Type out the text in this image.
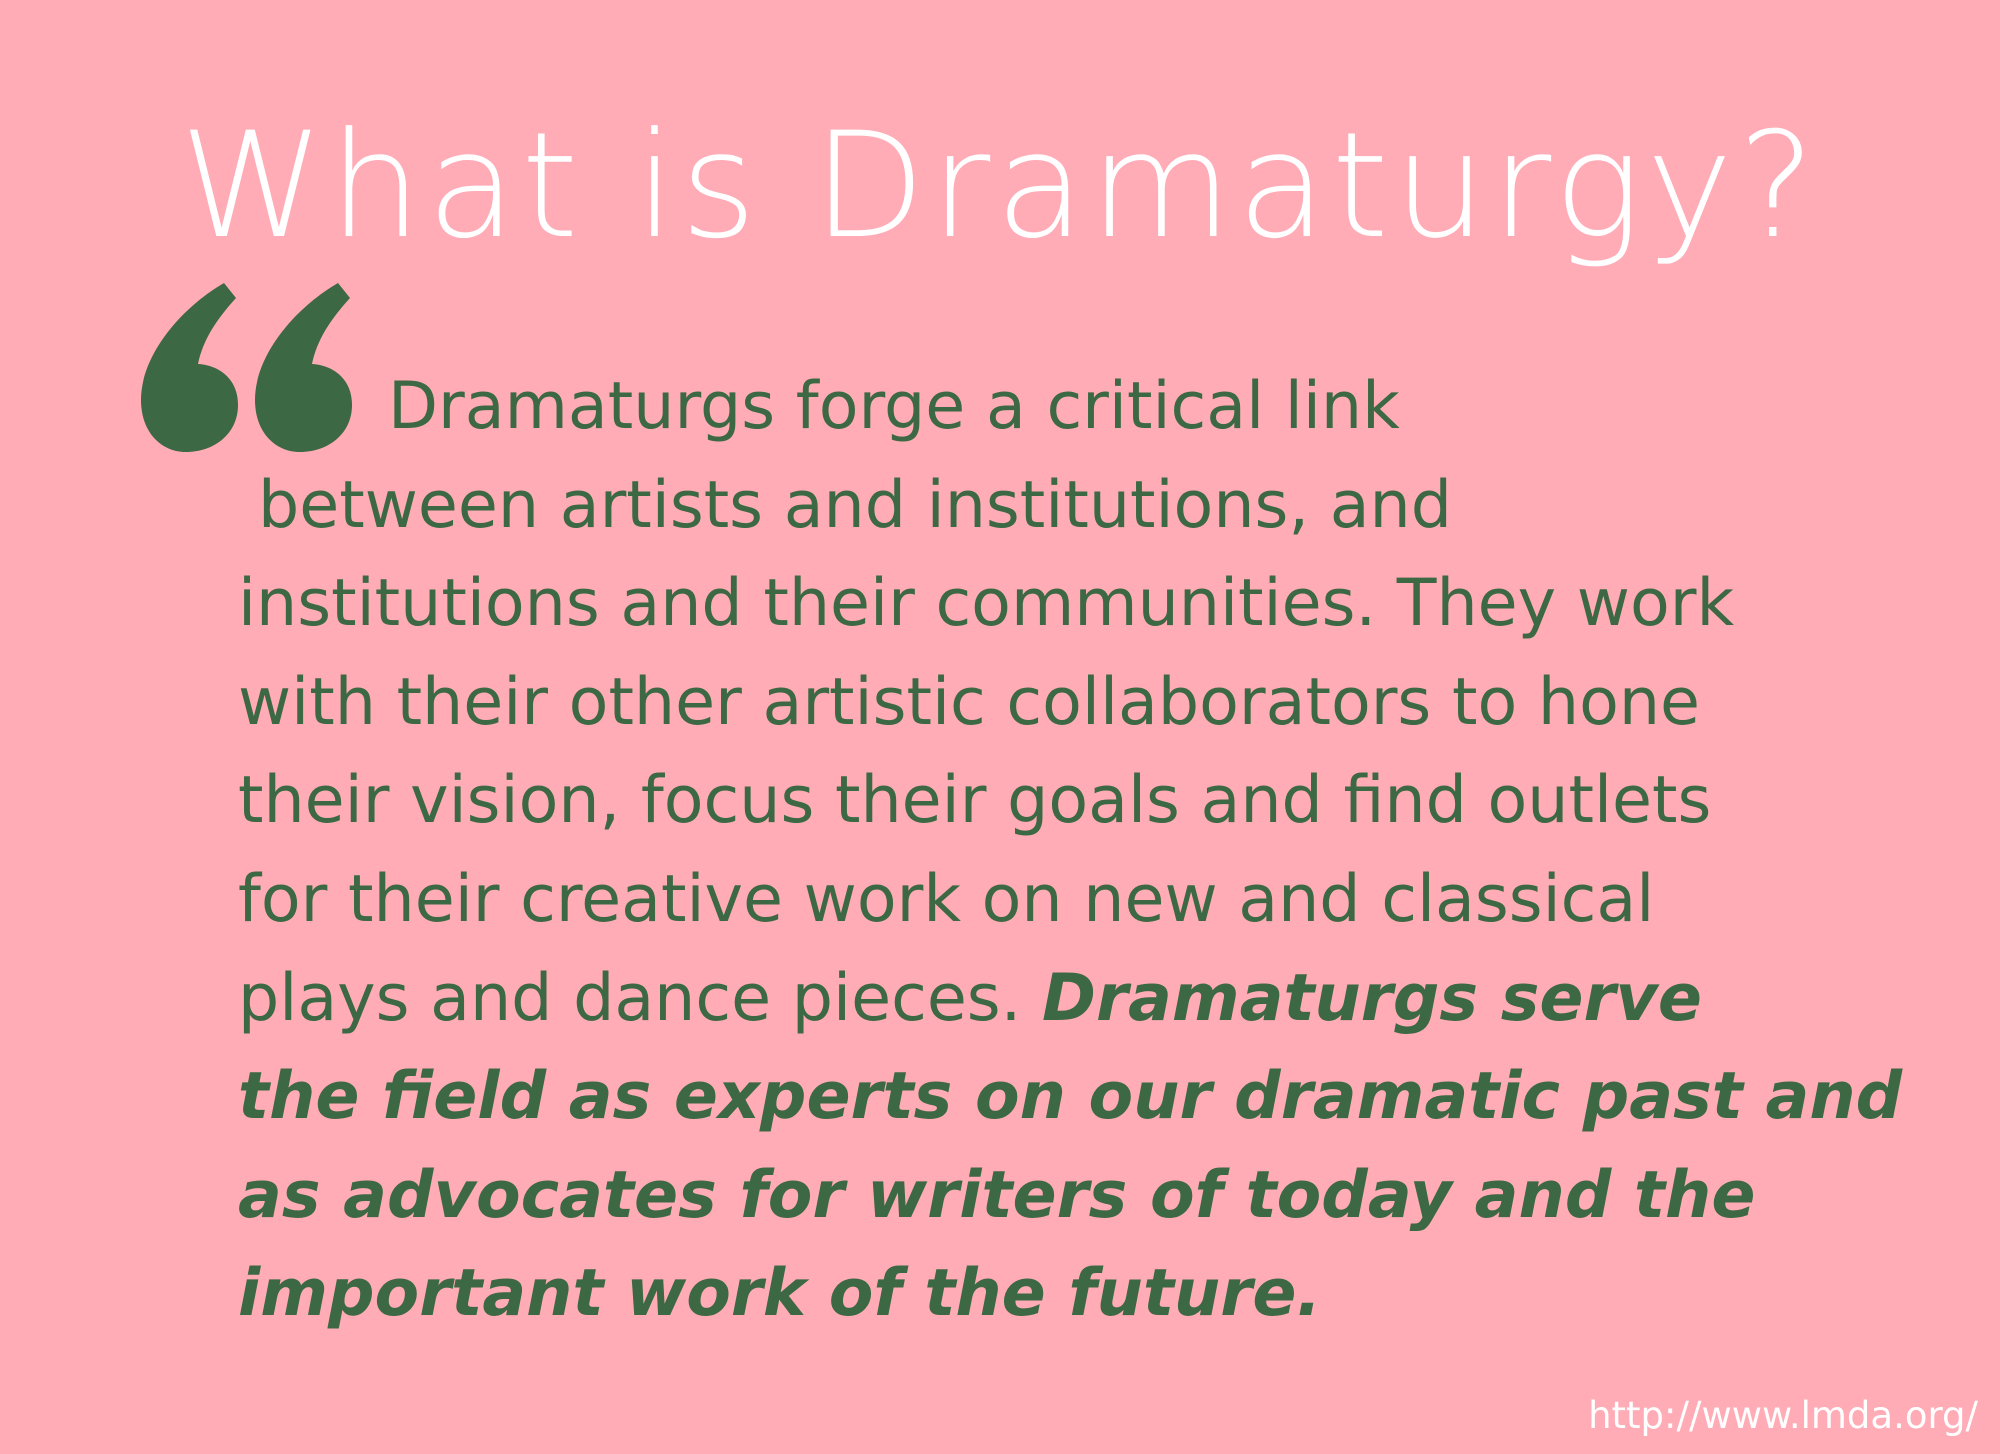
What is Dramaturgy?
Dramaturgs forge a critical link
between artists and institutions, and
institutions and their communities. They work
with their other artistic collaborators to hone
their vision, focus their goals and find outlets
for their creative work on new and classical
plays and dance pieces. Dramaturgs serve
the field as experts on our dramatic past and
as advocates for writers of today and the
important work of the future.
http://www.lmda.org/
